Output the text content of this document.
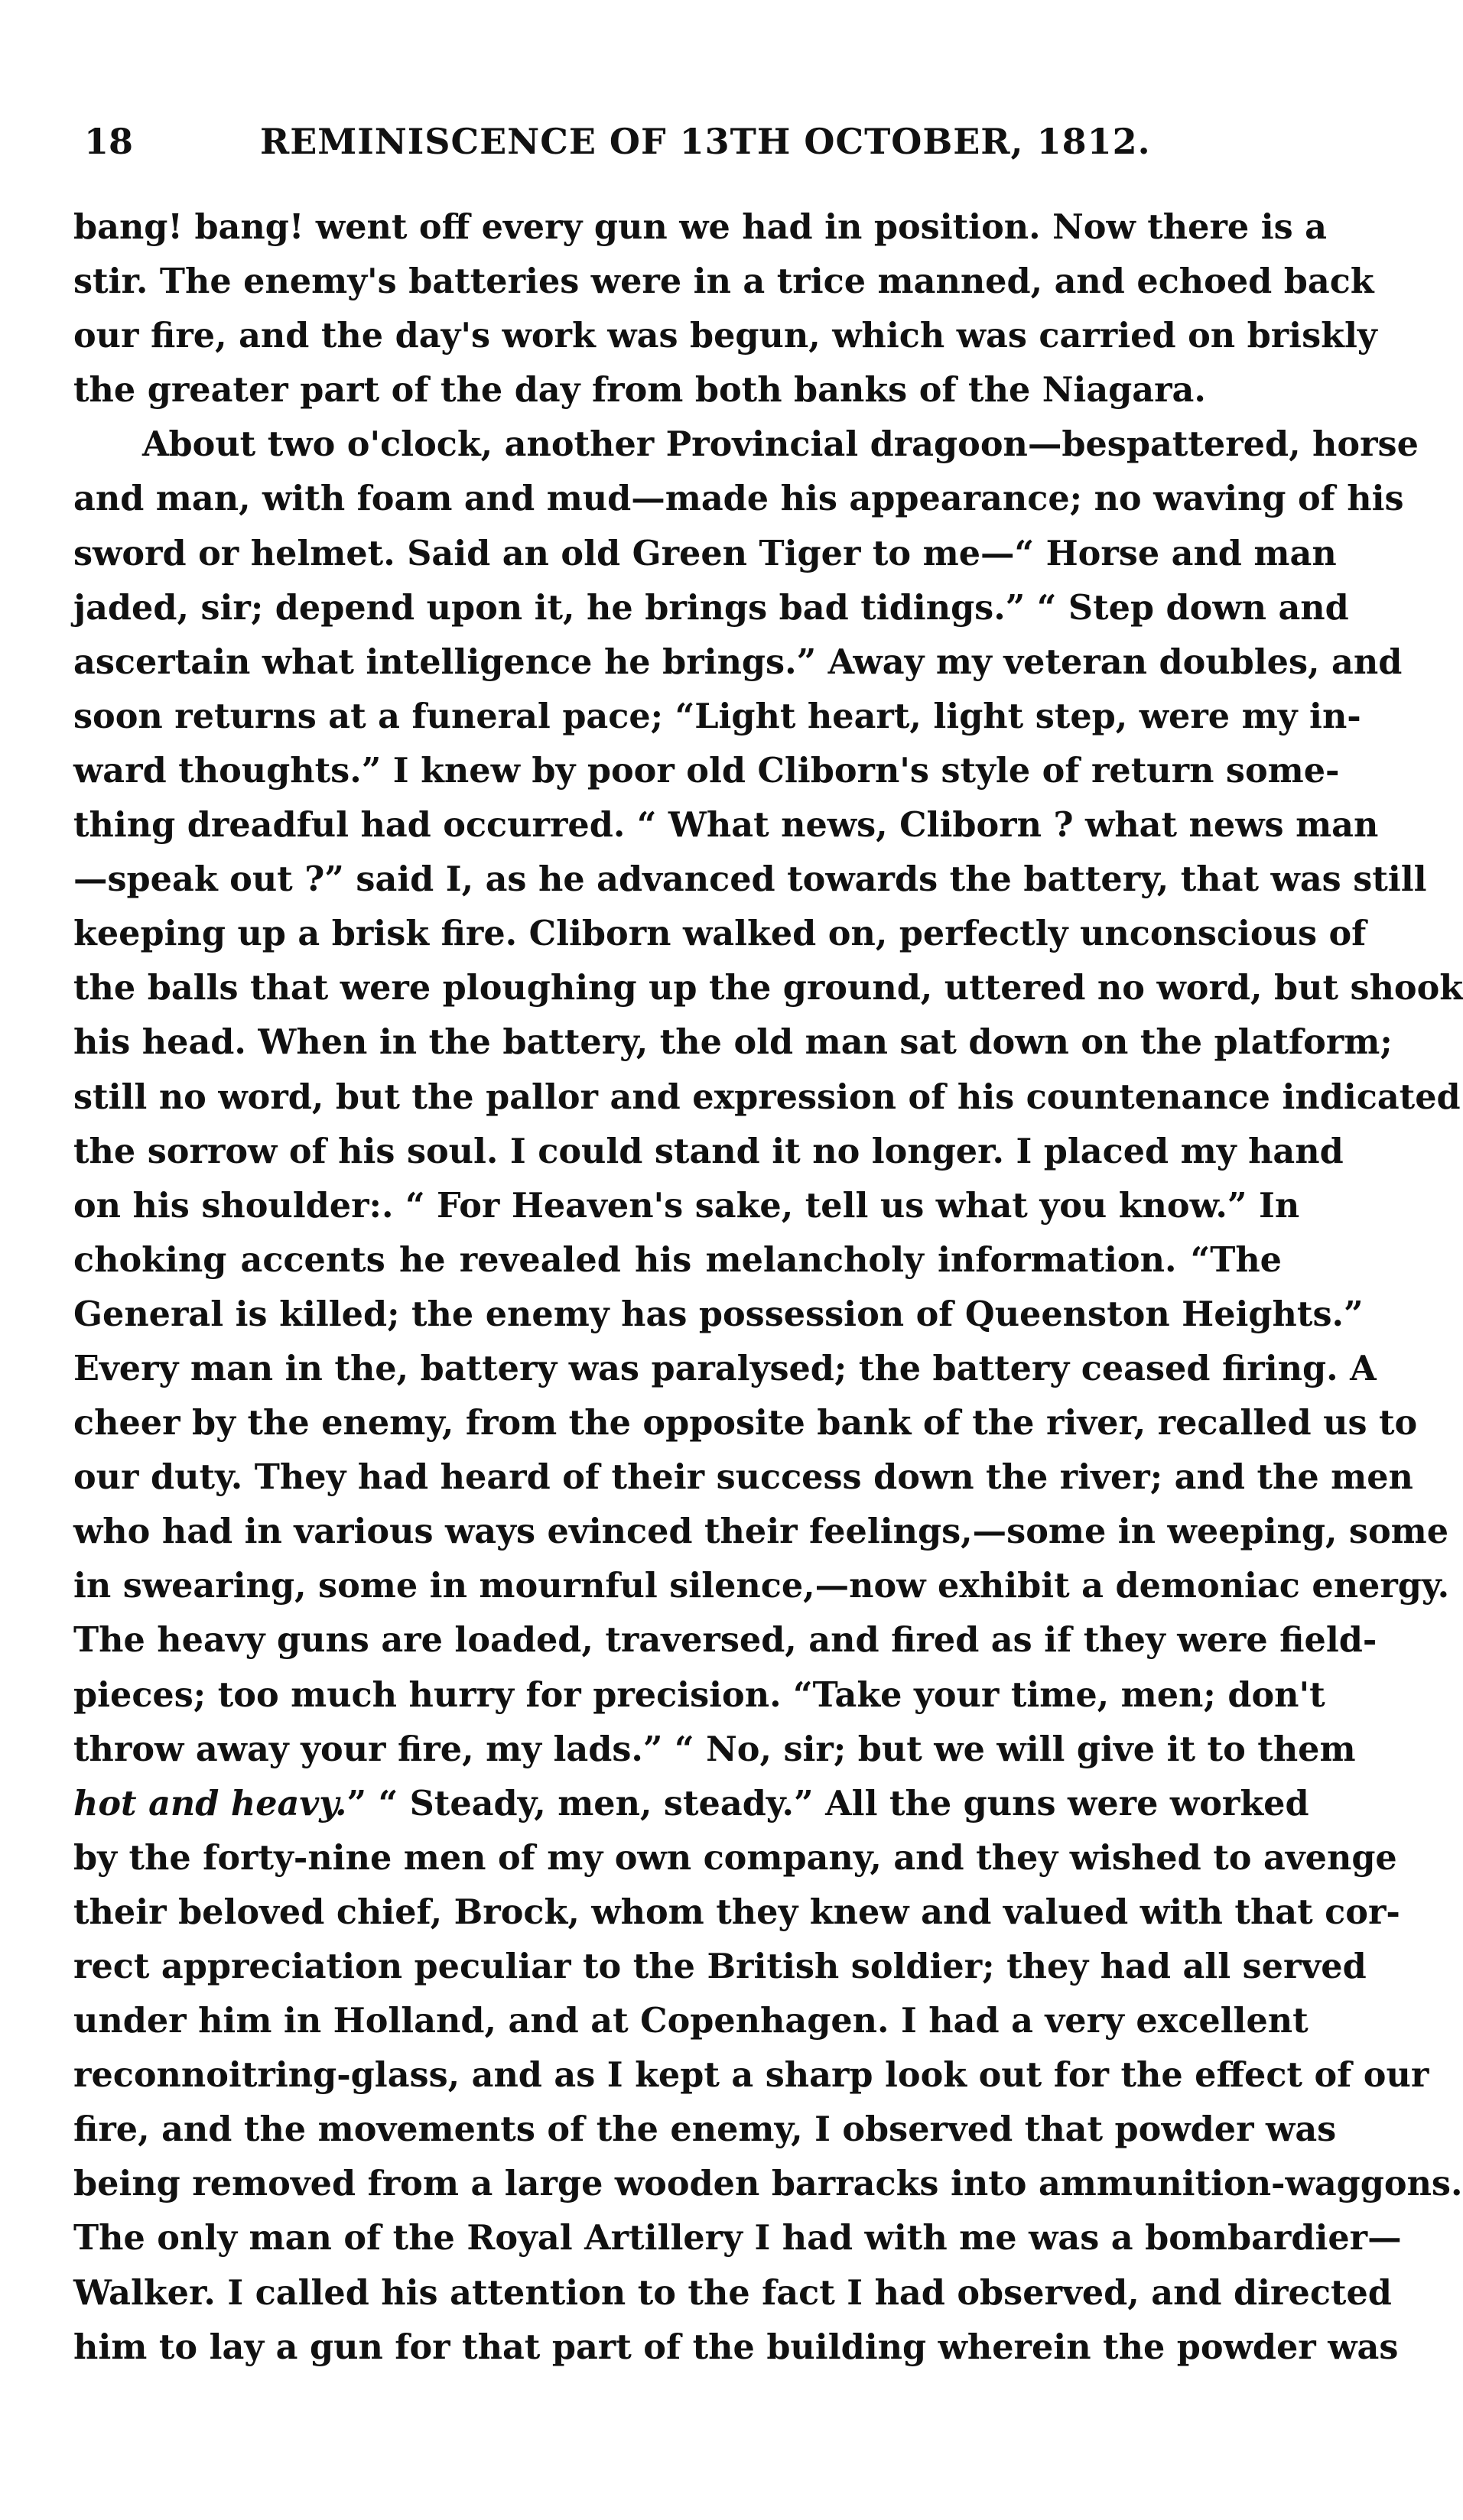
18	REMINISCENCE OF 13TH OCTOBER, 1812.
bang! bang! went off every gun we had in position. Now there is a
stir. The enemy's batteries were in a trice manned, and echoed back
our fire, and the day's work was begun, which was carried on briskly
the greater part of the day from both banks of the Niagara.
About two o'clock, another Provincial dragoon—bespattered, horse
and man, with foam and mud—made his appearance; no waving of his
sword or helmet. Said an old Green Tiger to me—“ Horse and man
jaded, sir; depend upon it, he brings bad tidings.” “ Step down and
ascertain what intelligence he brings.” Away my veteran doubles, and
soon returns at a funeral pace; “Light heart, light step, were my in-
ward thoughts.” I knew by poor old Cliborn's style of return some-
thing dreadful had occurred. “ What news, Cliborn ? what news man
—speak out ?” said I, as he advanced towards the battery, that was still
keeping up a brisk fire. Cliborn walked on, perfectly unconscious of
the balls that were ploughing up the ground, uttered no word, but shook
his head. When in the battery, the old man sat down on the platform;
still no word, but the pallor and expression of his countenance indicated
the sorrow of his soul. I could stand it no longer. I placed my hand
on his shoulder:. “ For Heaven's sake, tell us what you know.” In
choking accents he revealed his melancholy information. “The
General is killed; the enemy has possession of Queenston Heights.”
Every man in the, battery was paralysed; the battery ceased firing. A
cheer by the enemy, from the opposite bank of the river, recalled us to
our duty. They had heard of their success down the river; and the men
who had in various ways evinced their feelings,—some in weeping, some
in swearing, some in mournful silence,—now exhibit a demoniac energy.
The heavy guns are loaded, traversed, and fired as if they were field-
pieces; too much hurry for precision. “Take your time, men; don't
throw away your fire, my lads.” “ No, sir; but we will give it to them
hot and heavy.” “ Steady, men, steady.” All the guns were worked
by the forty-nine men of my own company, and they wished to avenge
their beloved chief, Brock, whom they knew and valued with that cor-
rect appreciation peculiar to the British soldier; they had all served
under him in Holland, and at Copenhagen. I had a very excellent
reconnoitring-glass, and as I kept a sharp look out for the effect of our
fire, and the movements of the enemy, I observed that powder was
being removed from a large wooden barracks into ammunition-waggons.
The only man of the Royal Artillery I had with me was a bombardier—
Walker. I called his attention to the fact I had observed, and directed
him to lay a gun for that part of the building wherein the powder was
